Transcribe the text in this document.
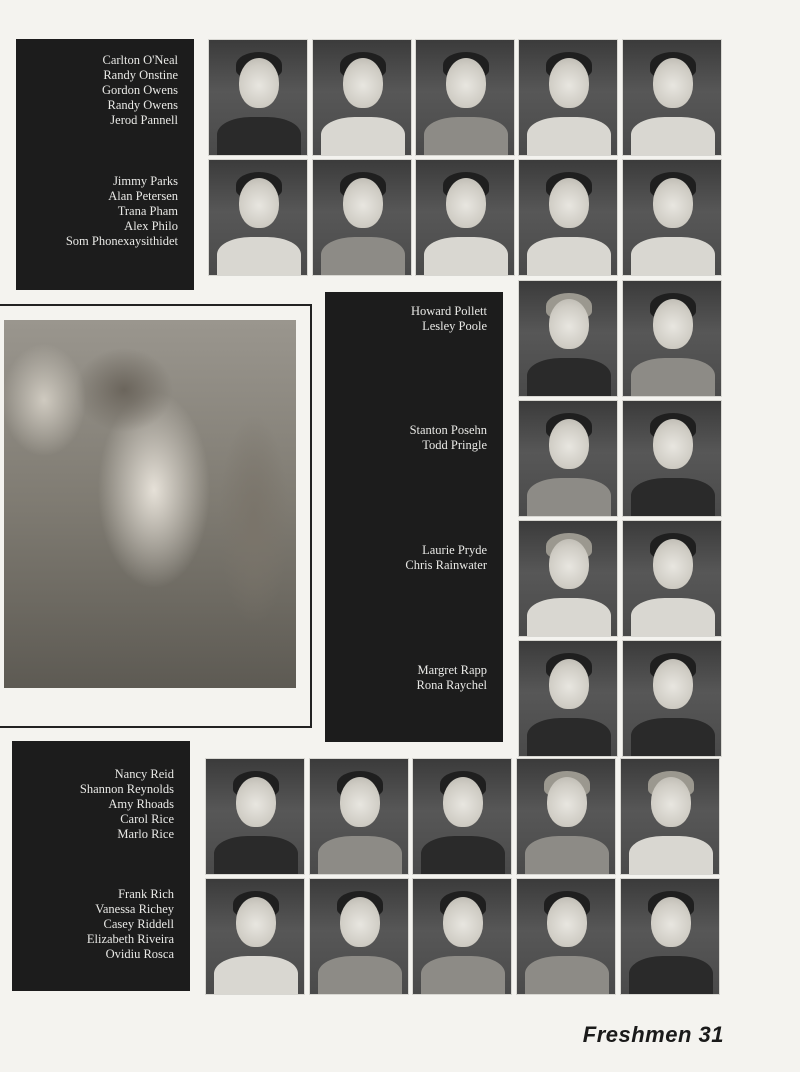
Carlton O'Neal
Randy Onstine
Gordon Owens
Randy Owens
Jerod Pannell
Jimmy Parks
Alan Petersen
Trana Pham
Alex Philo
Som Phonexaysithidet
Howard Pollett
Lesley Poole
Stanton Posehn
Todd Pringle
Laurie Pryde
Chris Rainwater
Margret Rapp
Rona Raychel
Nancy Reid
Shannon Reynolds
Amy Rhoads
Carol Rice
Marlo Rice
Frank Rich
Vanessa Richey
Casey Riddell
Elizabeth Riveira
Ovidiu Rosca
Freshmen 31
